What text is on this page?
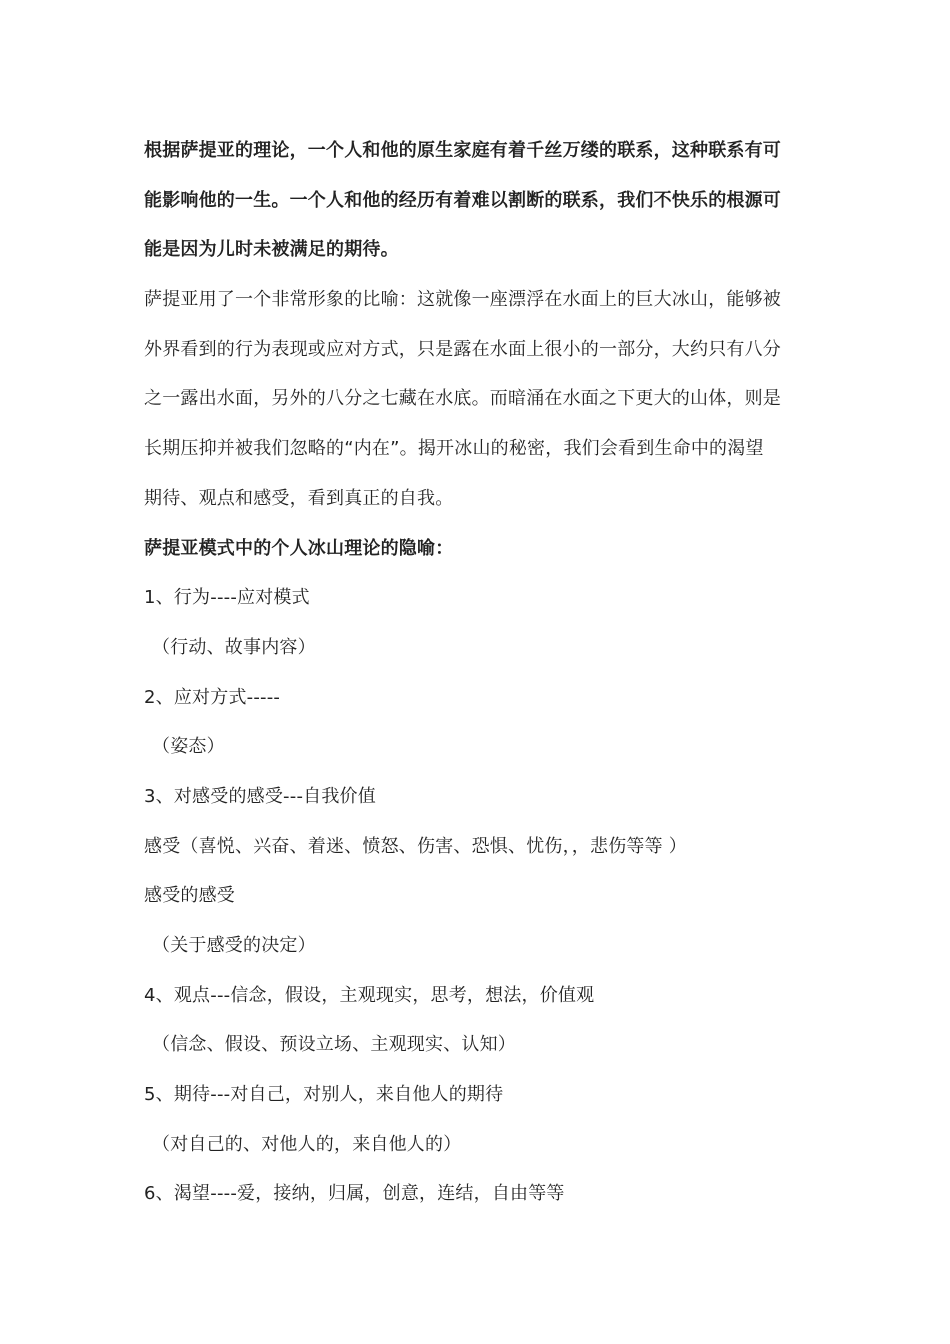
根据萨提亚的理论，一个人和他的原生家庭有着千丝万缕的联系，这种联系有可
能影响他的一生。一个人和他的经历有着难以割断的联系，我们不快乐的根源可
能是因为儿时未被满足的期待。
萨提亚用了一个非常形象的比喻：这就像一座漂浮在水面上的巨大冰山，能够被
外界看到的行为表现或应对方式，只是露在水面上很小的一部分，大约只有八分
之一露出水面，另外的八分之七藏在水底。而暗涌在水面之下更大的山体，则是
长期压抑并被我们忽略的“内在”。揭开冰山的秘密，我们会看到生命中的渴望
期待、观点和感受，看到真正的自我。
萨提亚模式中的个人冰山理论的隐喻：
1、行为----应对模式
（行动、故事内容）
2、应对方式-----
（姿态）
3、对感受的感受---自我价值
感受（喜悦、兴奋、着迷、愤怒、伤害、恐惧、忧伤，，悲伤等等 ）
感受的感受
（关于感受的决定）
4、观点---信念，假设，主观现实，思考，想法，价值观
（信念、假设、预设立场、主观现实、认知）
5、期待---对自己，对别人，来自他人的期待
（对自己的、对他人的，来自他人的）
6、渴望----爱，接纳，归属，创意，连结，自由等等
